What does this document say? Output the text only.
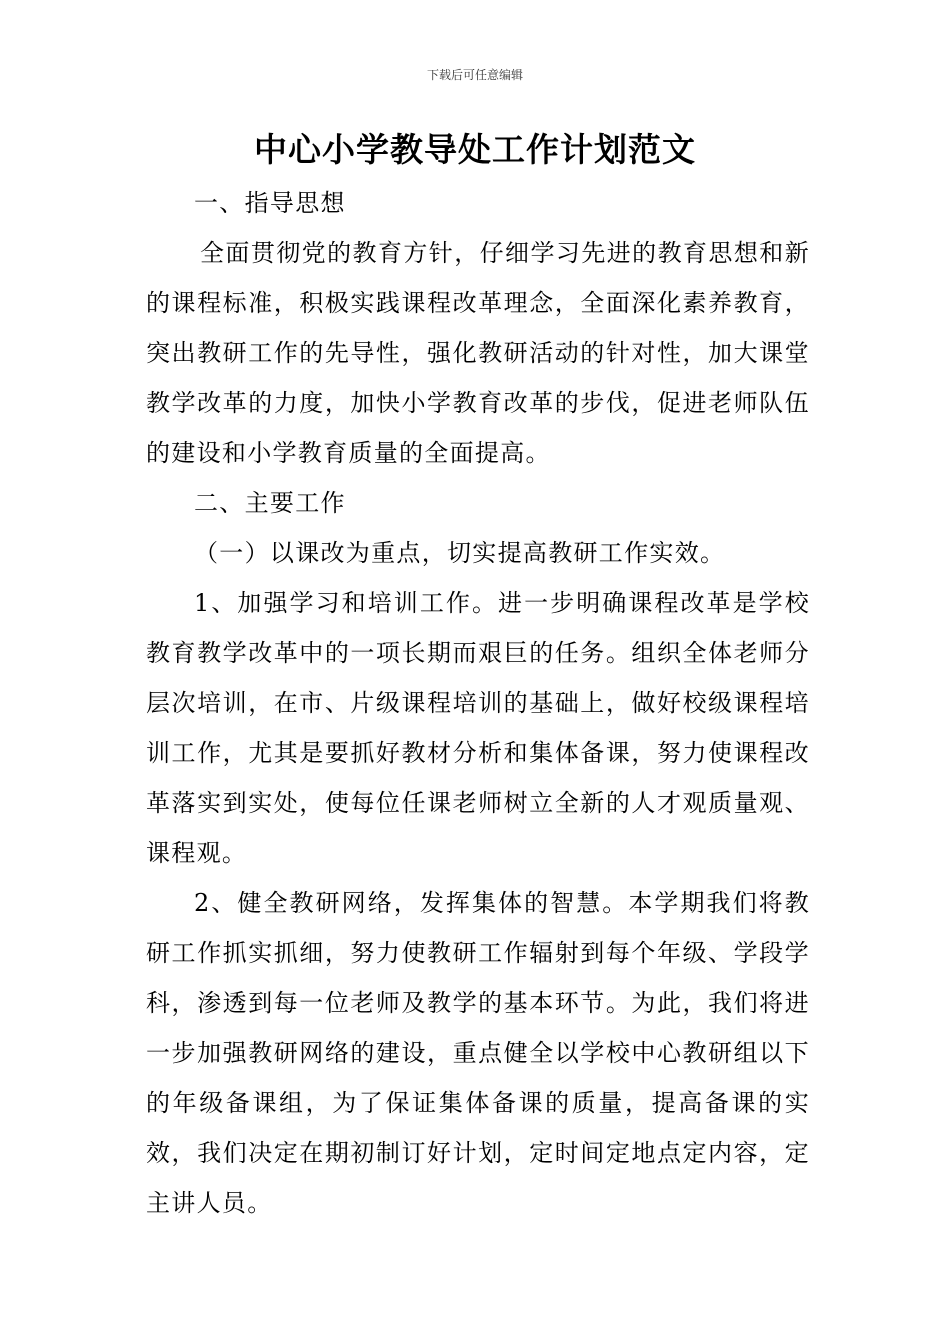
下载后可任意编辑
中心小学教导处工作计划范文

一、指导思想

全面贯彻党的教育方针，仔细学习先进的教育思想和新的课程标准，积极实践课程改革理念，全面深化素养教育，突出教研工作的先导性，强化教研活动的针对性，加大课堂教学改革的力度，加快小学教育改革的步伐，促进老师队伍的建设和小学教育质量的全面提高。

二、主要工作

（一）以课改为重点，切实提高教研工作实效。

1、加强学习和培训工作。进一步明确课程改革是学校教育教学改革中的一项长期而艰巨的任务。组织全体老师分层次培训，在市、片级课程培训的基础上，做好校级课程培训工作，尤其是要抓好教材分析和集体备课，努力使课程改革落实到实处，使每位任课老师树立全新的人才观质量观、课程观。

2、健全教研网络，发挥集体的智慧。本学期我们将教研工作抓实抓细，努力使教研工作辐射到每个年级、学段学科，渗透到每一位老师及教学的基本环节。为此，我们将进一步加强教研网络的建设，重点健全以学校中心教研组以下的年级备课组，为了保证集体备课的质量，提高备课的实效，我们决定在期初制订好计划，定时间定地点定内容，定主讲人员。
